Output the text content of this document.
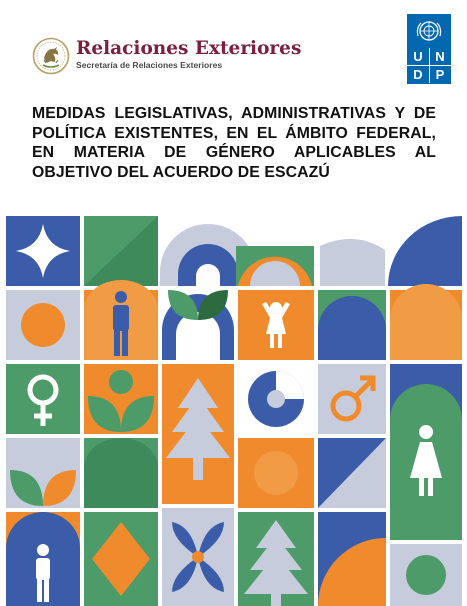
Relaciones Exteriores
Secretaría de Relaciones Exteriores
U N
D P
MEDIDAS LEGISLATIVAS, ADMINISTRATIVAS Y DE POLÍTICA EXISTENTES, EN EL ÁMBITO FEDERAL, EN MATERIA DE GÉNERO APLICABLES AL OBJETIVO DEL ACUERDO DE ESCAZÚ
